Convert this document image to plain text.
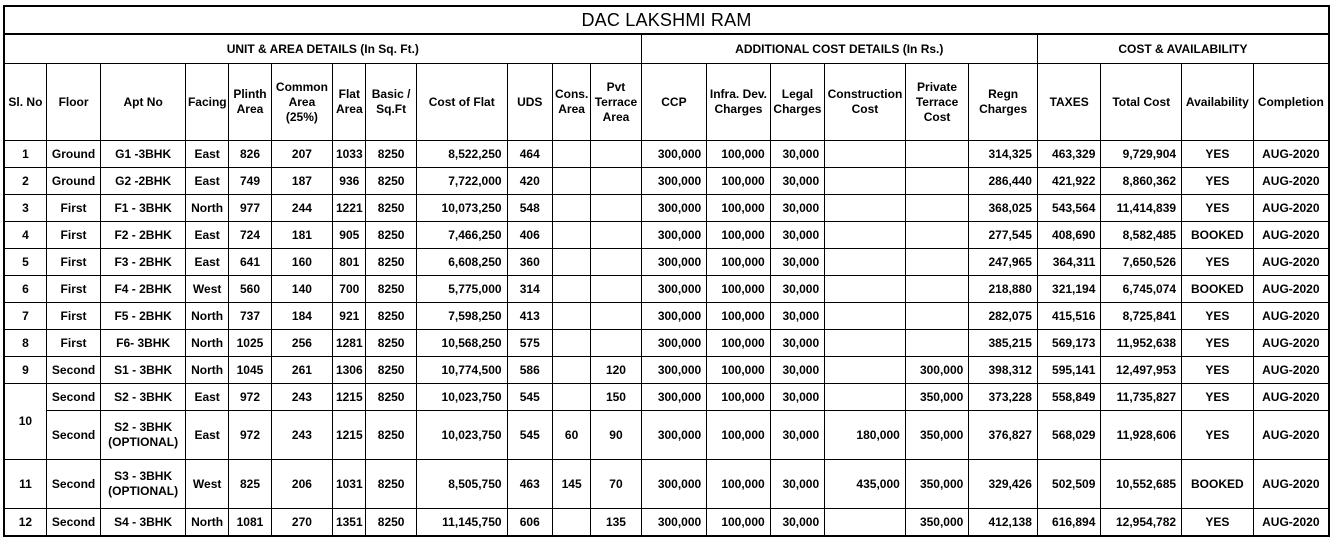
DAC LAKSHMI RAM																					
UNIT & AREA DETAILS (In Sq. Ft.)												ADDITIONAL COST DETAILS (In Rs.)						COST & AVAILABILITY			
Sl. No	Floor	Apt No	Facing	Plinth Area	Common Area (25%)	Flat Area	Basic / Sq.Ft	Cost of Flat	UDS	Cons. Area	Pvt Terrace Area	CCP	Infra. Dev. Charges	Legal Charges	Construction Cost	Private Terrace Cost	Regn Charges	TAXES	Total Cost	Availability	Completion
1	Ground	G1 -3BHK	East	826	207	1033	8250	8,522,250	464			300,000	100,000	30,000			314,325	463,329	9,729,904	YES	AUG-2020
2	Ground	G2 -2BHK	East	749	187	936	8250	7,722,000	420			300,000	100,000	30,000			286,440	421,922	8,860,362	YES	AUG-2020
3	First	F1 - 3BHK	North	977	244	1221	8250	10,073,250	548			300,000	100,000	30,000			368,025	543,564	11,414,839	YES	AUG-2020
4	First	F2 - 2BHK	East	724	181	905	8250	7,466,250	406			300,000	100,000	30,000			277,545	408,690	8,582,485	BOOKED	AUG-2020
5	First	F3 - 2BHK	East	641	160	801	8250	6,608,250	360			300,000	100,000	30,000			247,965	364,311	7,650,526	YES	AUG-2020
6	First	F4 - 2BHK	West	560	140	700	8250	5,775,000	314			300,000	100,000	30,000			218,880	321,194	6,745,074	BOOKED	AUG-2020
7	First	F5 - 2BHK	North	737	184	921	8250	7,598,250	413			300,000	100,000	30,000			282,075	415,516	8,725,841	YES	AUG-2020
8	First	F6- 3BHK	North	1025	256	1281	8250	10,568,250	575			300,000	100,000	30,000			385,215	569,173	11,952,638	YES	AUG-2020
9	Second	S1 - 3BHK	North	1045	261	1306	8250	10,774,500	586		120	300,000	100,000	30,000		300,000	398,312	595,141	12,497,953	YES	AUG-2020
10	Second	S2 - 3BHK	East	972	243	1215	8250	10,023,750	545		150	300,000	100,000	30,000		350,000	373,228	558,849	11,735,827	YES	AUG-2020
	Second	S2 - 3BHK (OPTIONAL)	East	972	243	1215	8250	10,023,750	545	60	90	300,000	100,000	30,000	180,000	350,000	376,827	568,029	11,928,606	YES	AUG-2020
11	Second	S3 - 3BHK (OPTIONAL)	West	825	206	1031	8250	8,505,750	463	145	70	300,000	100,000	30,000	435,000	350,000	329,426	502,509	10,552,685	BOOKED	AUG-2020
12	Second	S4 - 3BHK	North	1081	270	1351	8250	11,145,750	606		135	300,000	100,000	30,000		350,000	412,138	616,894	12,954,782	YES	AUG-2020
